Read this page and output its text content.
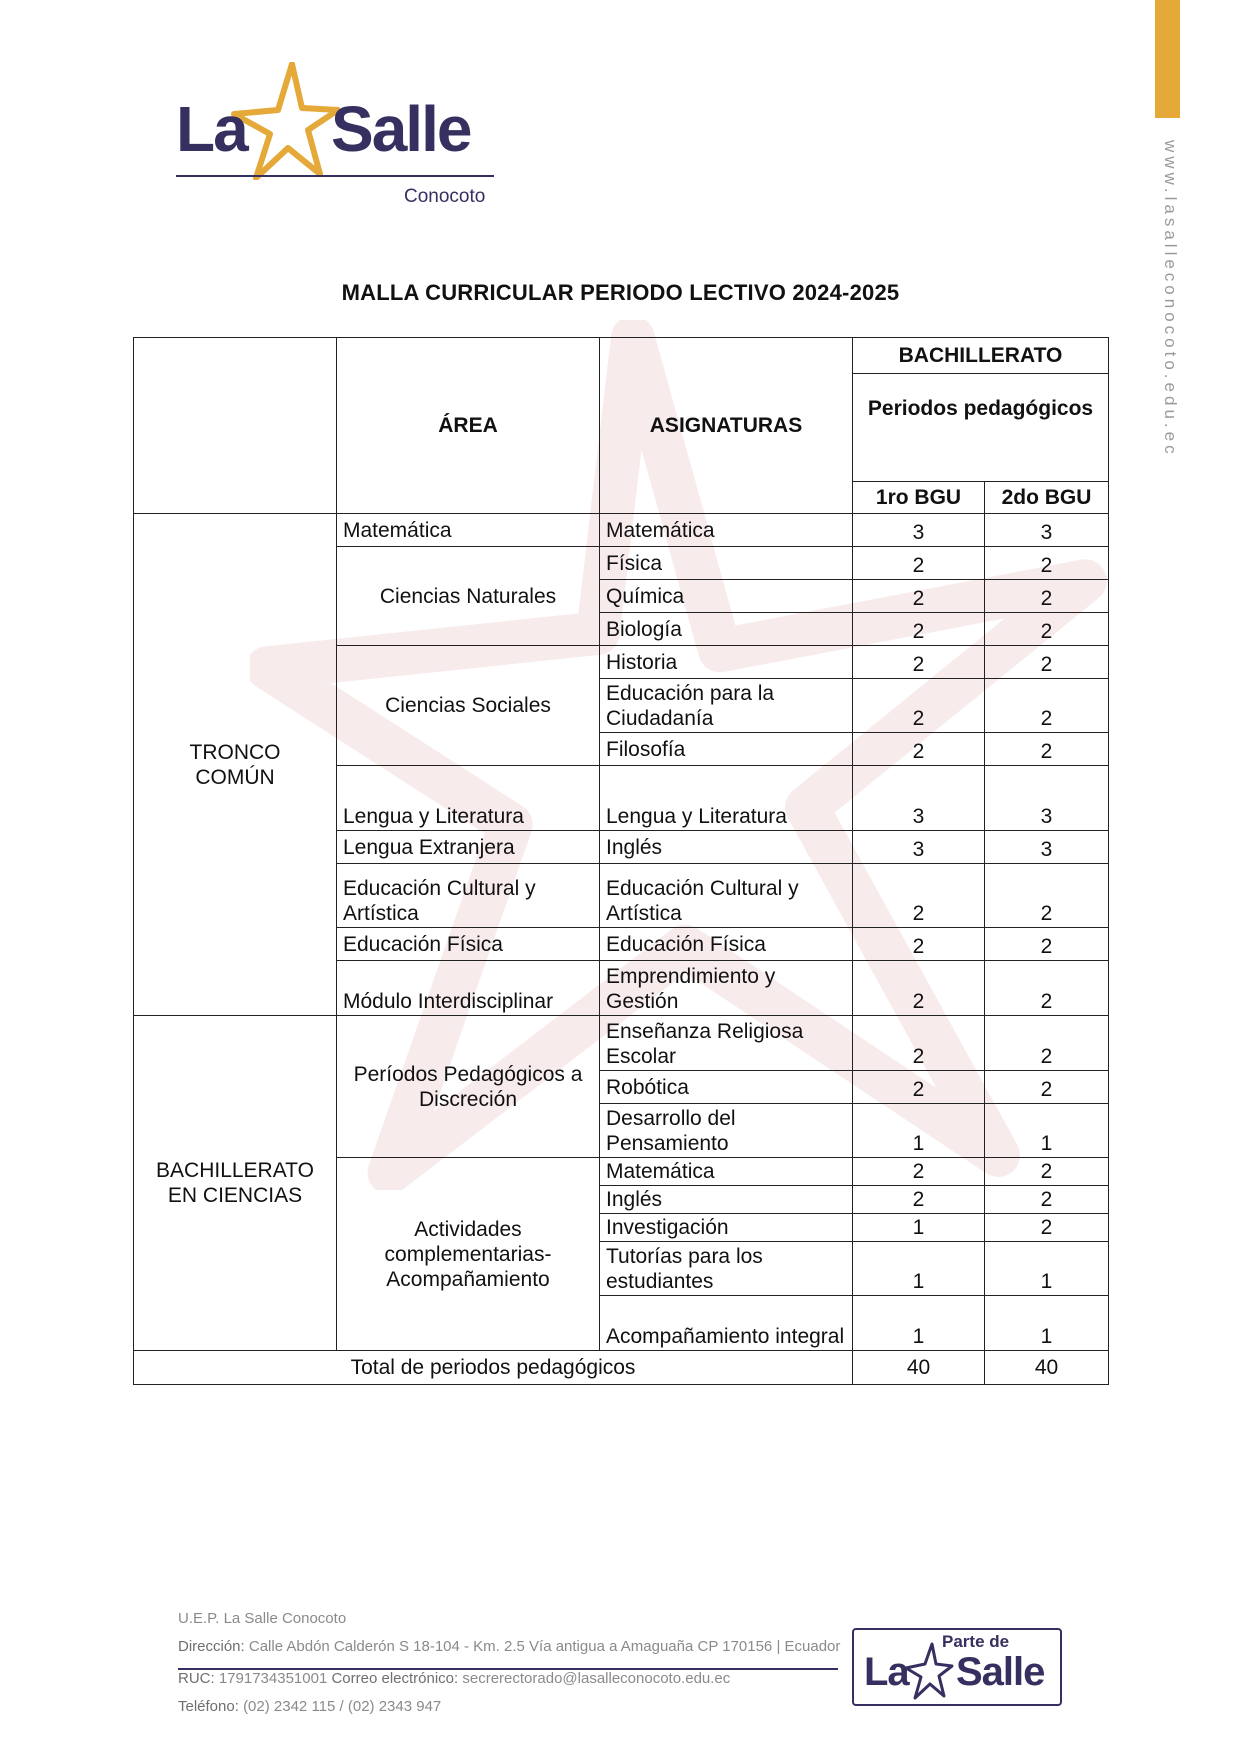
www.lasalleconocoto.edu.ec
La Salle
Conocoto
MALLA CURRICULAR PERIODO LECTIVO 2024-2025
	ÁREA	ASIGNATURAS	BACHILLERATO	
			Periodos pedagógicos	
			1ro BGU	2do BGU
TRONCO COMÚN	Matemática	Matemática	3	3
	Ciencias Naturales	Física	2	2
		Química	2	2
		Biología	2	2
	Ciencias Sociales	Historia	2	2
		Educación para la Ciudadanía	2	2
		Filosofía	2	2
	Lengua y Literatura	Lengua y Literatura	3	3
	Lengua Extranjera	Inglés	3	3
	Educación Cultural y Artística	Educación Cultural y Artística	2	2
	Educación Física	Educación Física	2	2
	Módulo Interdisciplinar	Emprendimiento y Gestión	2	2

BACHILLERATO EN CIENCIAS	Períodos Pedagógicos a Discreción	Enseñanza Religiosa Escolar	2	2
		Robótica	2	2
		Desarrollo del Pensamiento	1	1
	Actividades complementarias-Acompañamiento	Matemática	2	2
		Inglés	2	2
		Investigación	1	2
		Tutorías para los estudiantes	1	1
		Acompañamiento integral	1	1
Total de periodos pedagógicos			40	40
U.E.P. La Salle Conocoto
Dirección: Calle Abdón Calderón S 18-104 - Km. 2.5 Vía antigua a Amaguaña CP 170156 | Ecuador
RUC: 1791734351001 Correo electrónico: secrerectorado@lasalleconocoto.edu.ec
Teléfono: (02) 2342 115 / (02) 2343 947
Parte de
La Salle
